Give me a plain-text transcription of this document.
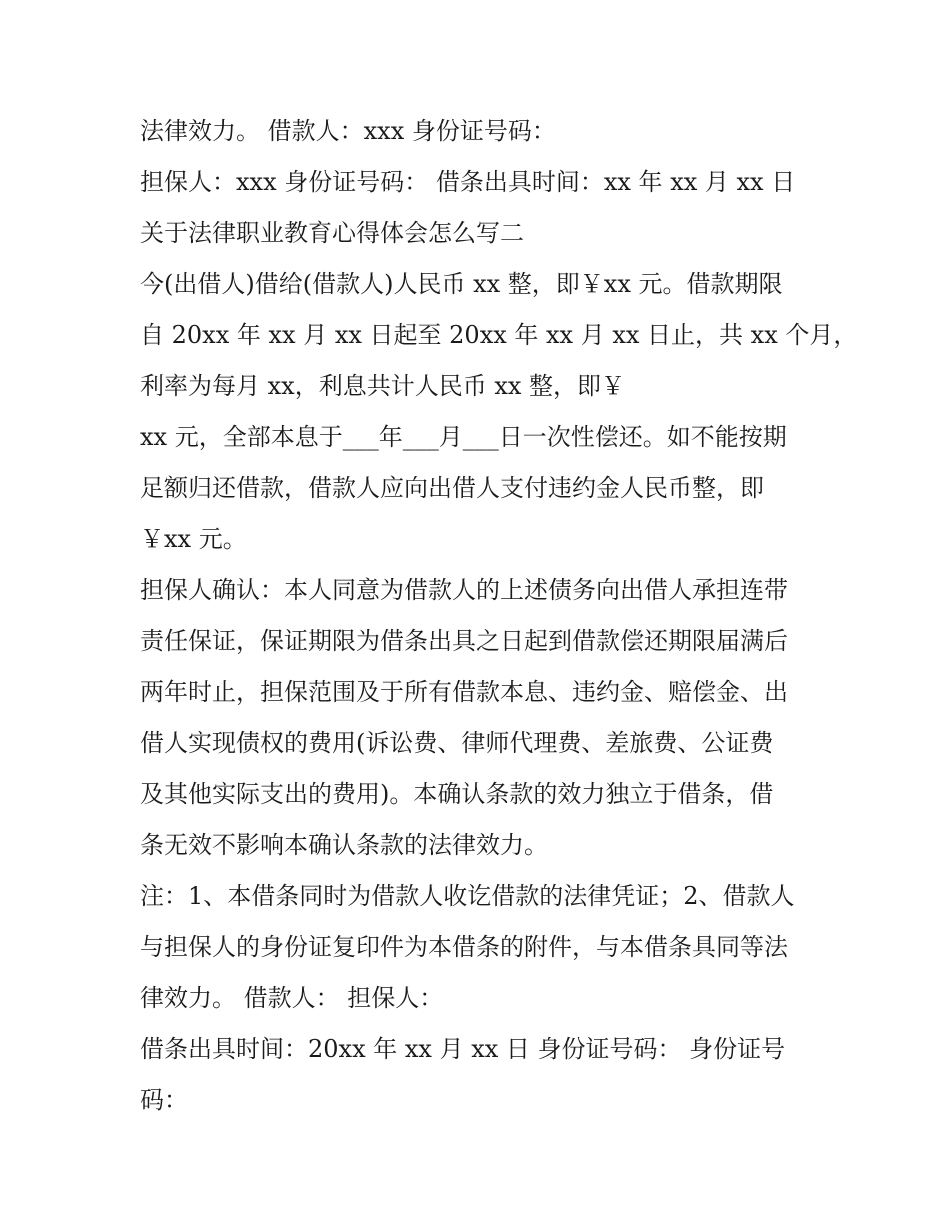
法律效力。 借款人：xxx 身份证号码：
担保人：xxx 身份证号码： 借条出具时间：xx 年 xx 月 xx 日
关于法律职业教育心得体会怎么写二
今(出借人)借给(借款人)人民币 xx 整，即￥xx 元。借款期限
自 20xx 年 xx 月 xx 日起至 20xx 年 xx 月 xx 日止，共 xx 个月，
利率为每月 xx，利息共计人民币 xx 整，即￥
xx 元，全部本息于___年___月___日一次性偿还。如不能按期
足额归还借款，借款人应向出借人支付违约金人民币整，即
￥xx 元。
担保人确认：本人同意为借款人的上述债务向出借人承担连带
责任保证，保证期限为借条出具之日起到借款偿还期限届满后
两年时止，担保范围及于所有借款本息、违约金、赔偿金、出
借人实现债权的费用(诉讼费、律师代理费、差旅费、公证费
及其他实际支出的费用)。本确认条款的效力独立于借条，借
条无效不影响本确认条款的法律效力。
注：1、本借条同时为借款人收讫借款的法律凭证；2、借款人
与担保人的身份证复印件为本借条的附件，与本借条具同等法
律效力。 借款人： 担保人：
借条出具时间：20xx 年 xx 月 xx 日 身份证号码： 身份证号
码：
